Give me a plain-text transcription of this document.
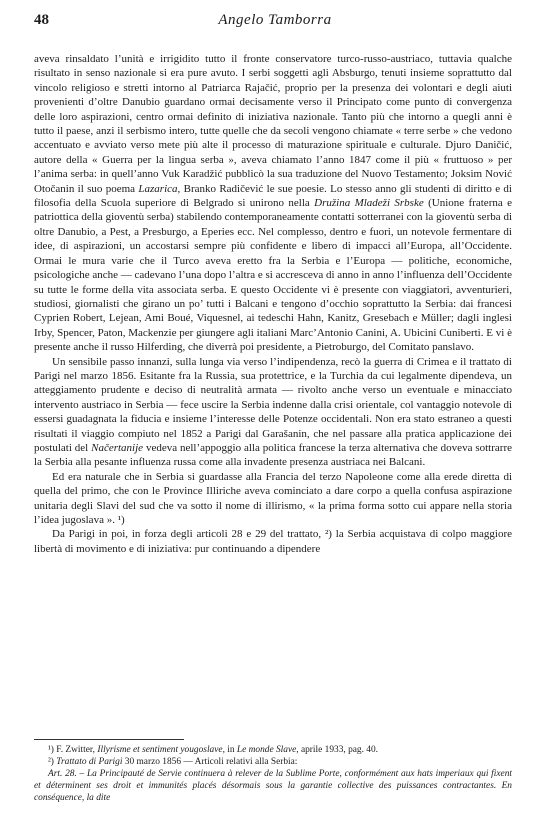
48	Angelo Tamborra

aveva rinsaldato l’unità e irrigidito tutto il fronte conservatore turco-russo-austriaco, tuttavia qualche risultato in senso nazionale si era pure avuto. I serbi soggetti agli Absburgo, tenuti insieme soprattutto dal vincolo religioso e stretti intorno al Patriarca Rajačić, proprio per la presenza dei volontari e degli aiuti provenienti d’oltre Danubio guardano ormai decisamente verso il Principato come punto di convergenza delle loro aspirazioni, centro ormai definito di iniziativa nazionale. Tanto più che intorno a quegli anni è tutto il paese, anzi il serbismo intero, tutte quelle che da secoli vengono chiamate « terre serbe » che vedono accentuato e avviato verso mete più alte il processo di maturazione spirituale e culturale. Djuro Daničić, autore della « Guerra per la lingua serba », aveva chiamato l’anno 1847 come il più « fruttuoso » per l’anima serba: in quell’anno Vuk Karadžić pubblicò la sua traduzione del Nuovo Testamento; Joksim Nović Otočanin il suo poema Lazarica, Branko Radičević le sue poesie. Lo stesso anno gli studenti di diritto e di filosofia della Scuola superiore di Belgrado si unirono nella Družina Mladeži Srbske (Unione fraterna e patriottica della gioventù serba) stabilendo contemporaneamente contatti sotterranei con la gioventù serba di oltre Danubio, a Pest, a Presburgo, a Eperies ecc. Nel complesso, dentro e fuori, un notevole fermentare di idee, di aspirazioni, un accostarsi sempre più confidente e libero di impacci all’Europa, all’Occidente. Ormai le mura varie che il Turco aveva eretto fra la Serbia e l’Europa — politiche, economiche, psicologiche anche — cadevano l’una dopo l’altra e si accresceva di anno in anno l’influenza dell’Occidente su tutte le forme della vita associata serba. E questo Occidente vi è presente con viaggiatori, avventurieri, studiosi, giornalisti che girano un po’ tutti i Balcani e tengono d’occhio soprattutto la Serbia: dai francesi Cyprien Robert, Lejean, Ami Boué, Viquesnel, ai tedeschi Hahn, Kanitz, Gresebach e Müller; dagli inglesi Irby, Spencer, Paton, Mackenzie per giungere agli italiani Marc’Antonio Canini, A. Ubicini Cuniberti. E vi è presente anche il russo Hilferding, che diverrà poi presidente, a Pietroburgo, del Comitato panslavo.

Un sensibile passo innanzi, sulla lunga via verso l’indipendenza, recò la guerra di Crimea e il trattato di Parigi nel marzo 1856. Esitante fra la Russia, sua protettrice, e la Turchia da cui legalmente dipendeva, un atteggiamento prudente e deciso di neutralità armata — rivolto anche verso un eventuale e minacciato intervento austriaco in Serbia — fece uscire la Serbia indenne dalla crisi orientale, col vantaggio notevole di essersi guadagnata la fiducia e insieme l’interesse delle Potenze occidentali. Non era stato estraneo a questi risultati il viaggio compiuto nel 1852 a Parigi dal Garašanin, che nel passare alla pratica applicazione dei postulati del Načertanije vedeva nell’appoggio alla politica francese la terza alternativa che doveva sottrarre la Serbia alla pesante influenza russa come alla invadente presenza austriaca nei Balcani.

Ed era naturale che in Serbia si guardasse alla Francia del terzo Napoleone come alla erede diretta di quella del primo, che con le Province Illiriche aveva cominciato a dare corpo a quella confusa aspirazione unitaria degli Slavi del sud che va sotto il nome di illirismo, « la prima forma sotto cui appare nella storia l’idea jugoslava ». ¹)

Da Parigi in poi, in forza degli articoli 28 e 29 del trattato, ²) la Serbia acquistava di colpo maggiore libertà di movimento e di iniziativa: pur continuando a dipendere

¹) F. Zwitter, Illyrisme et sentiment yougoslave, in Le monde Slave, aprile 1933, pag. 40.

²) Trattato di Parigi 30 marzo 1856 — Articoli relativi alla Serbia:

Art. 28. – La Principauté de Servie continuera à relever de la Sublime Porte, conformément aux hats imperiaux qui fixent et déterminent ses droit et immunités placés désormais sous la garantie collective des puissances contractantes. En conséquence, la dite
